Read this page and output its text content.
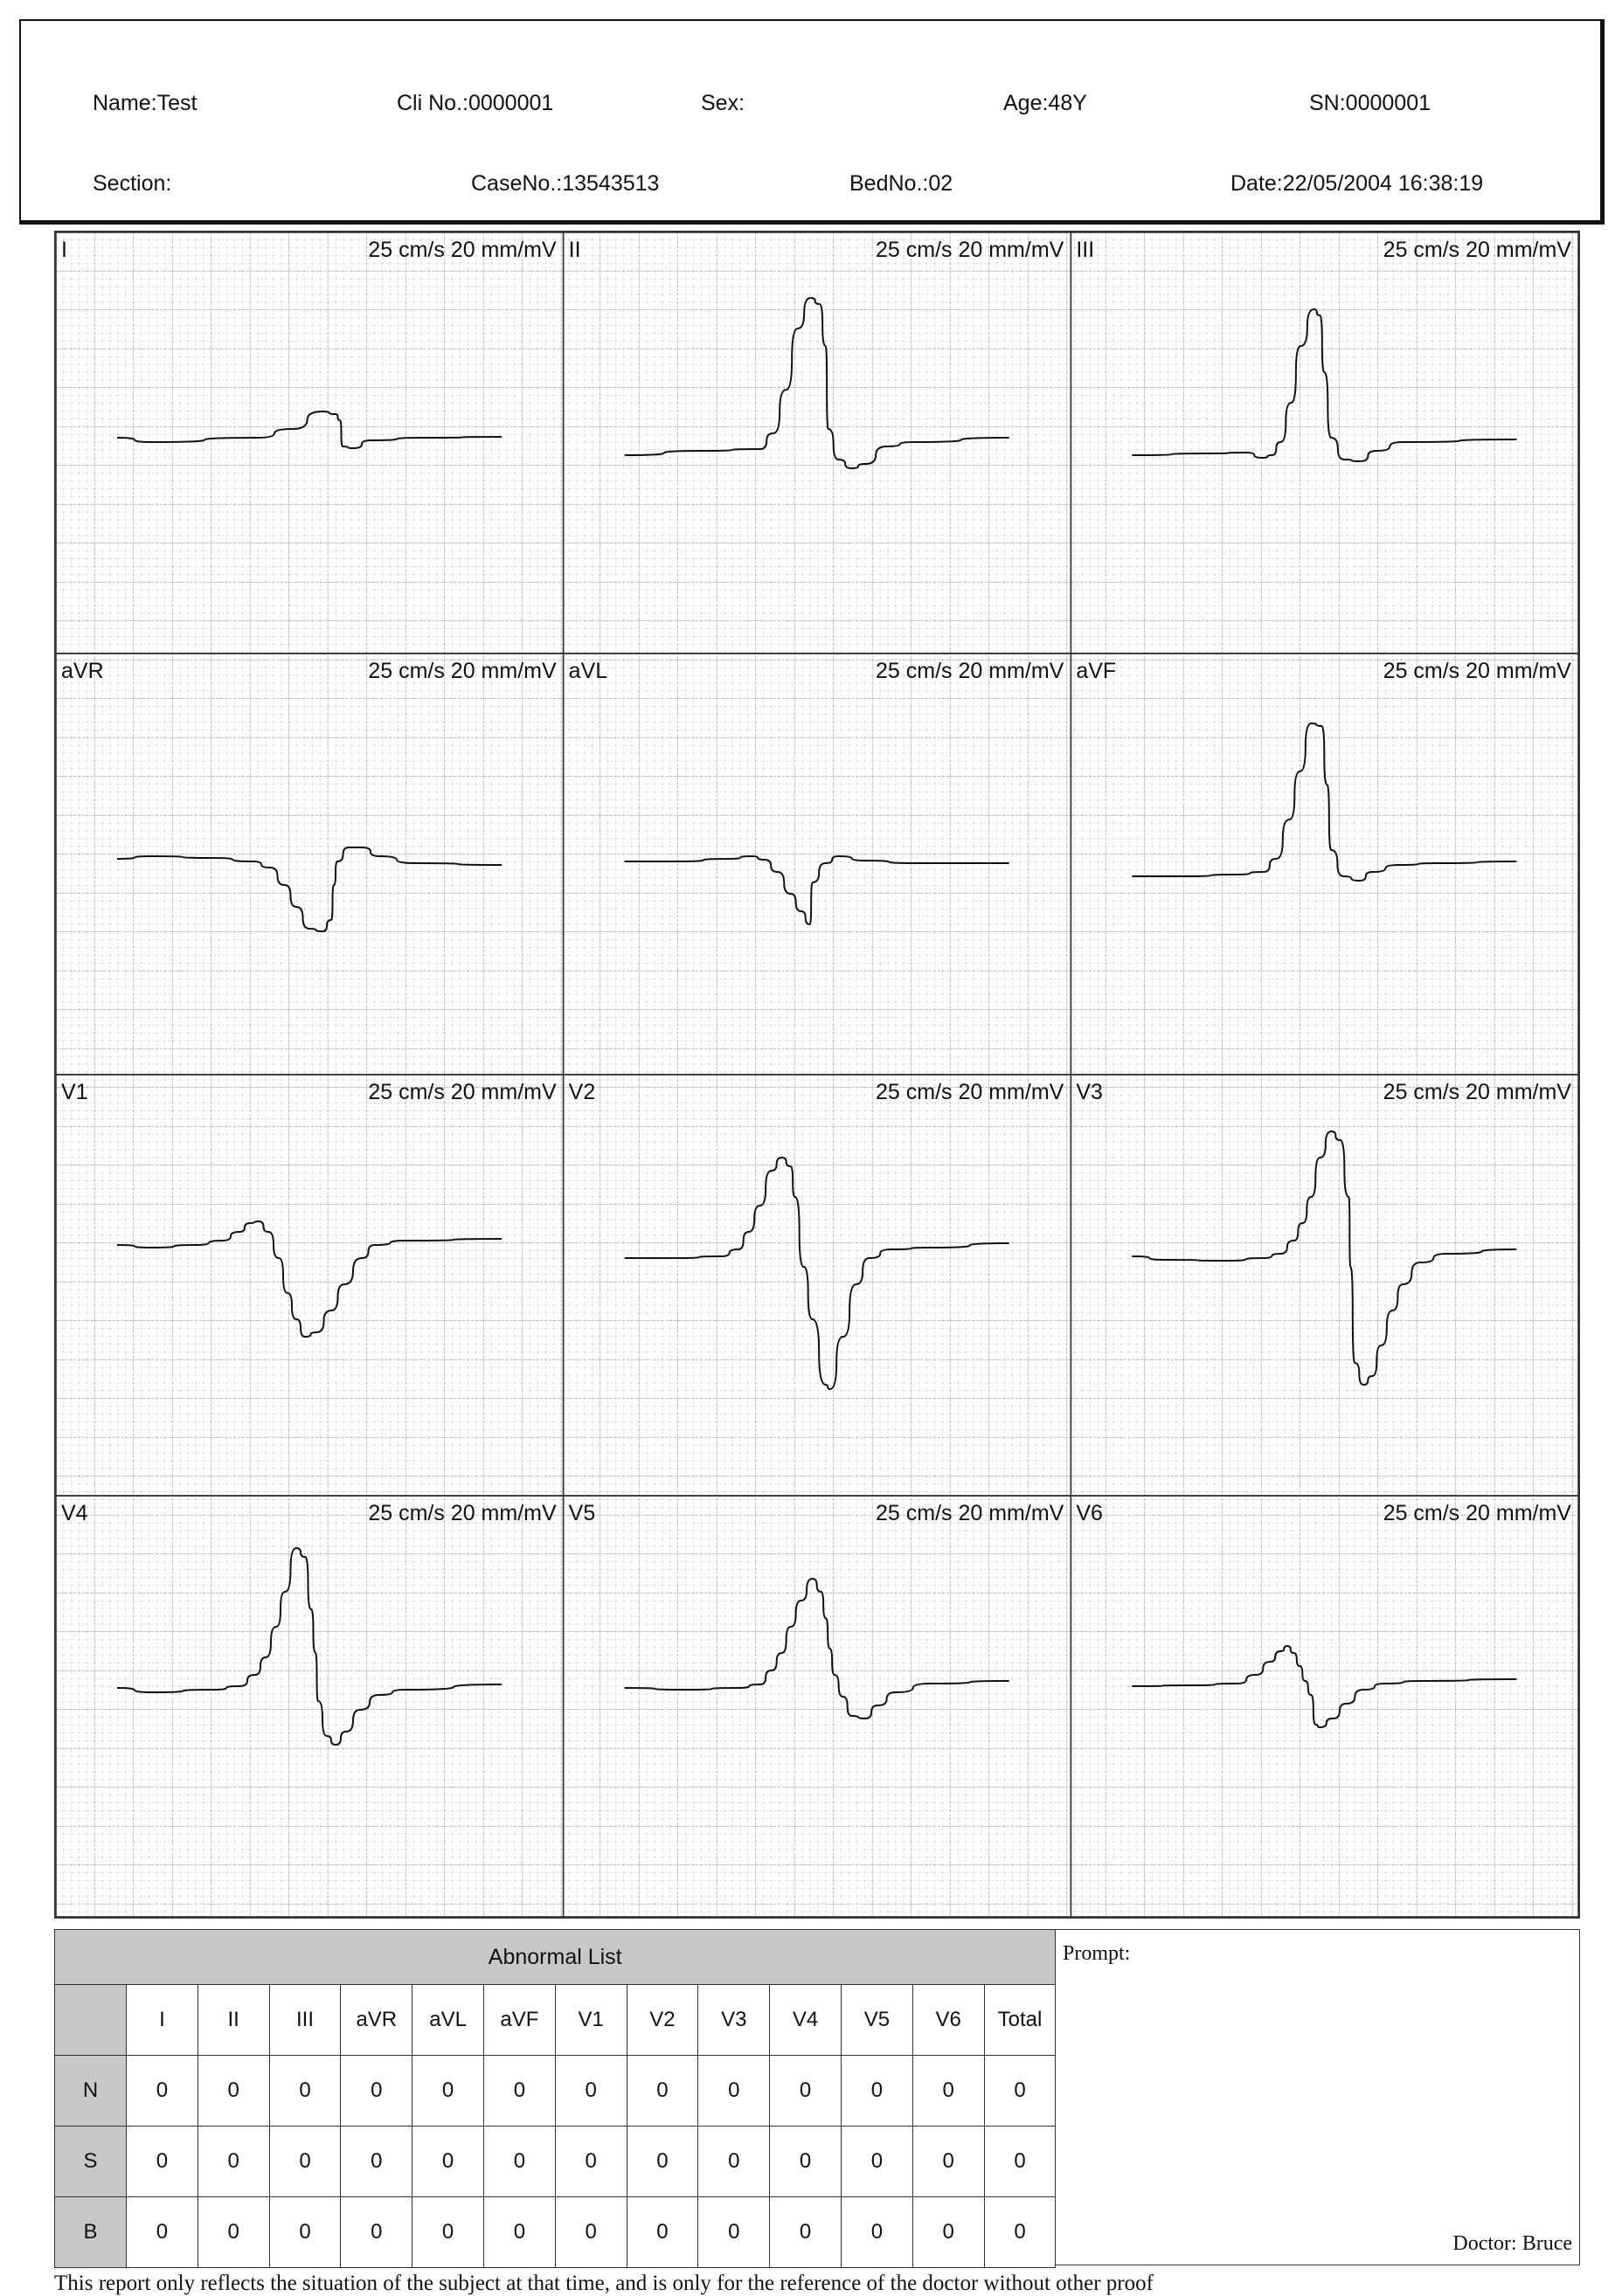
Name:Test	Cli No.:0000001	Sex:	Age:48Y	SN:0000001
Section:	CaseNo.:13543513	BedNo.:02	Date:22/05/2004 16:38:19
I	25 cm/s 20 mm/mV II	25 cm/s 20 mm/mV III	25 cm/s 20 mm/mV
aVR	25 cm/s 20 mm/mV aVL	25 cm/s 20 mm/mV aVF	25 cm/s 20 mm/mV
V1	25 cm/s 20 mm/mV V2	25 cm/s 20 mm/mV V3	25 cm/s 20 mm/mV
V4	25 cm/s 20 mm/mV V5	25 cm/s 20 mm/mV V6	25 cm/s 20 mm/mV
Abnormal List													
	I	II	III	aVR	aVL	aVF	V1	V2	V3	V4	V5	V6	Total
N	0	0	0	0	0	0	0	0	0	0	0	0	0
S	0	0	0	0	0	0	0	0	0	0	0	0	0
B	0	0	0	0	0	0	0	0	0	0	0	0	0
Prompt:
Doctor: Bruce
This report only reflects the situation of the subject at that time, and is only for the reference of the doctor without other proof
